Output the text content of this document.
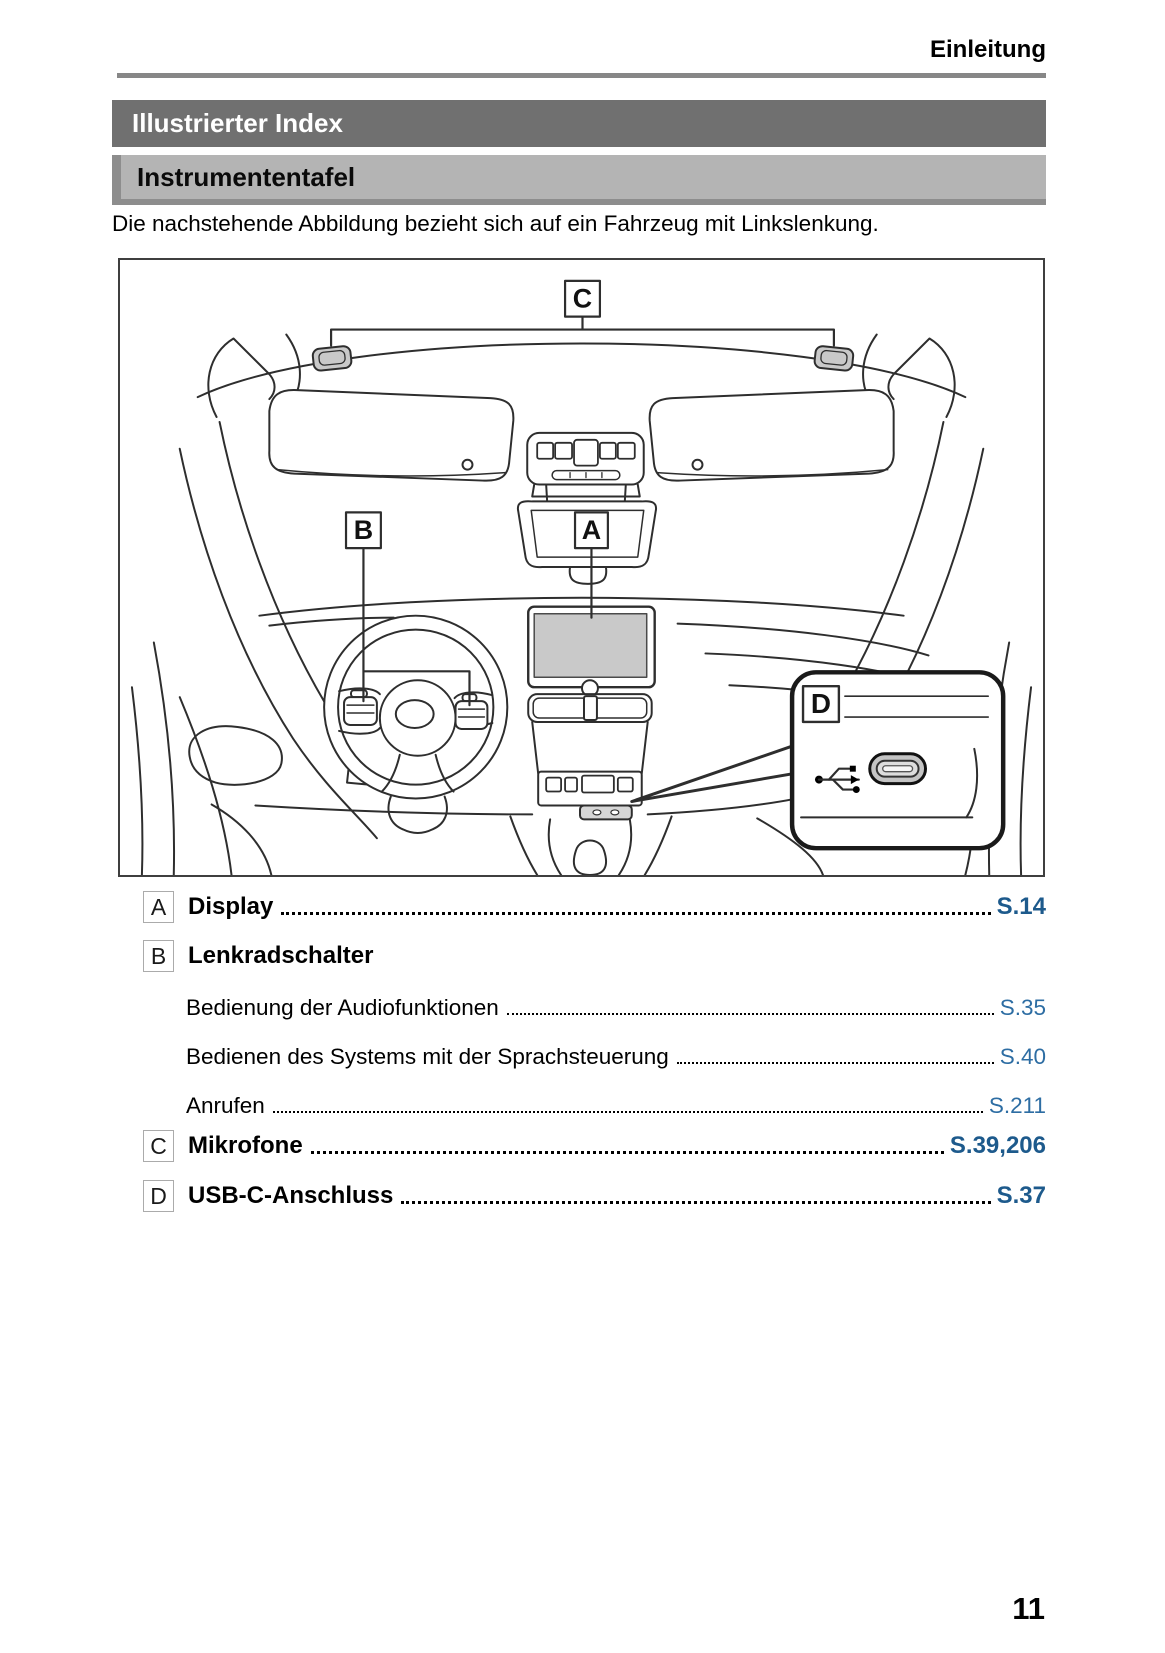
Einleitung
Illustrierter Index
Instrumententafel
Die nachstehende Abbildung bezieht sich auf ein Fahrzeug mit Linkslenkung.
D
C
B	A
A Display	S.14
B Lenkradschalter
Bedienung der Audiofunktionen	S.35
Bedienen des Systems mit der Sprachsteuerung	S.40
Anrufen	S.211
C Mikrofone	S.39,206
D USB-C-Anschluss	S.37
11
